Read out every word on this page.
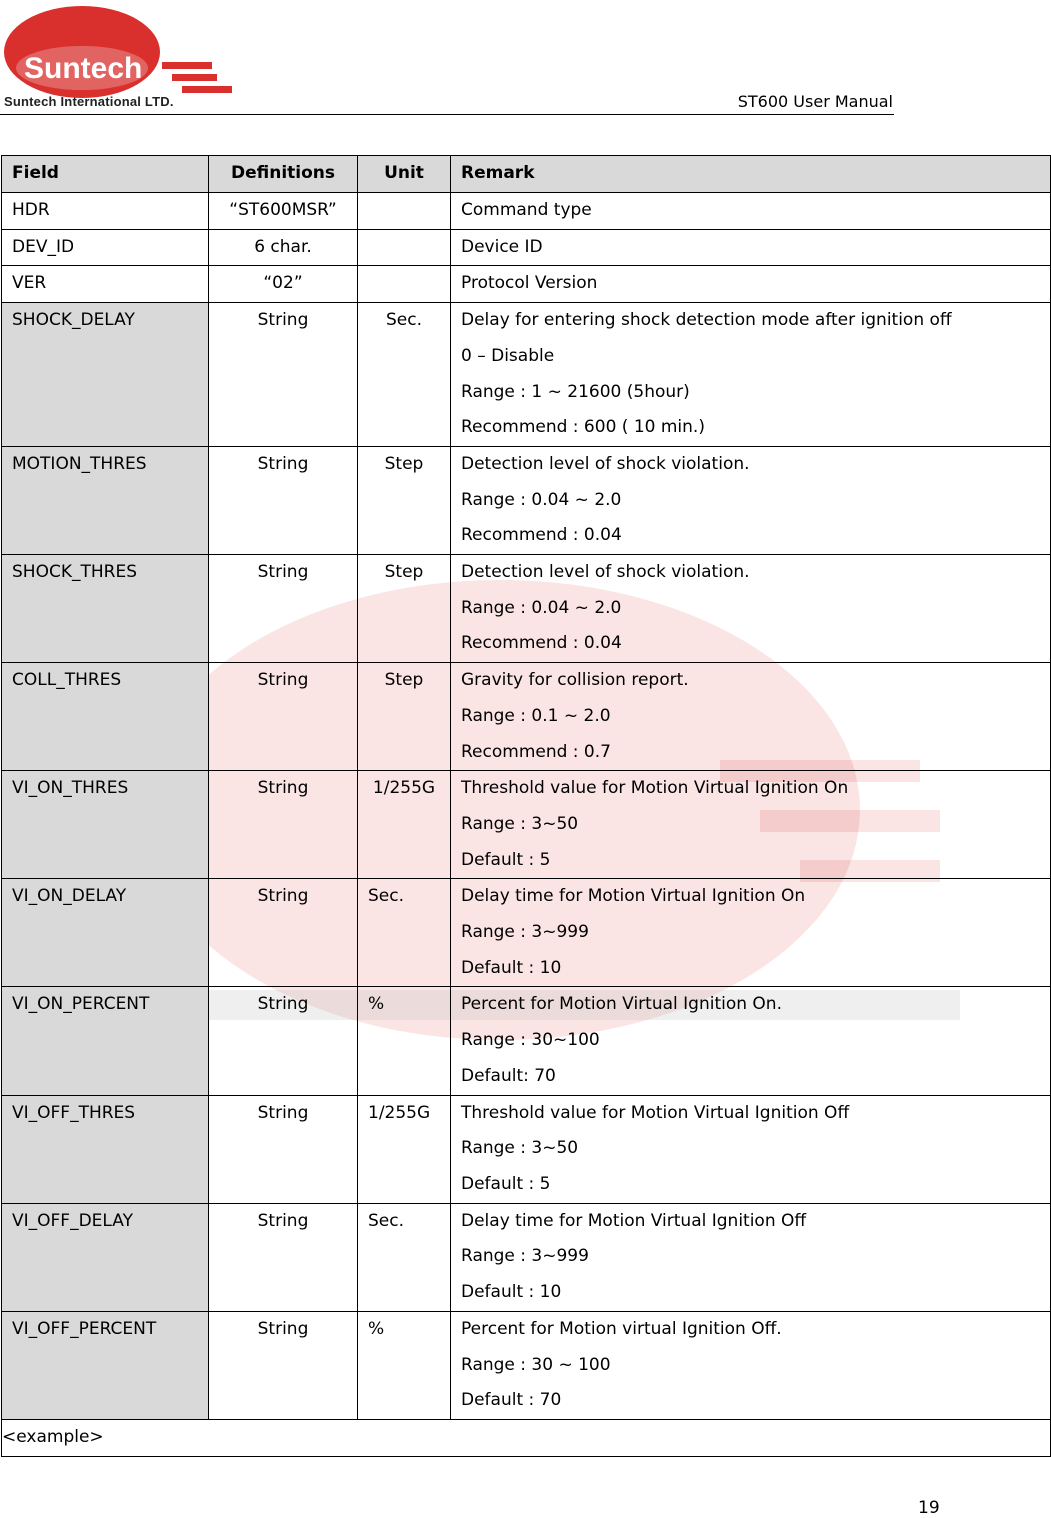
Suntech
Suntech International LTD.	ST600 User Manual
Field	Definitions	Unit	Remark
HDR	“ST600MSR”		Command type

DEV_ID	6 char.		Device ID

VER	“02”		Protocol Version

SHOCK_DELAY	String	Sec.	Delay for entering shock detection mode after ignition off
0 – Disable
Range : 1 ~ 21600 (5hour)
Recommend : 600 ( 10 min.)

MOTION_THRES	String	Step	Detection level of shock violation.
Range : 0.04 ~ 2.0
Recommend : 0.04

SHOCK_THRES	String	Step	Detection level of shock violation.
Range : 0.04 ~ 2.0
Recommend : 0.04

COLL_THRES	String	Step	Gravity for collision report.
Range : 0.1 ~ 2.0
Recommend : 0.7

VI_ON_THRES	String	1/255G	Threshold value for Motion Virtual Ignition On
Range : 3~50
Default : 5

VI_ON_DELAY	String	Sec.	Delay time for Motion Virtual Ignition On
Range : 3~999
Default : 10

VI_ON_PERCENT	String	%	Percent for Motion Virtual Ignition On.
Range : 30~100
Default: 70

VI_OFF_THRES	String	1/255G	Threshold value for Motion Virtual Ignition Off
Range : 3~50
Default : 5

VI_OFF_DELAY	String	Sec.	Delay time for Motion Virtual Ignition Off
Range : 3~999
Default : 10

VI_OFF_PERCENT	String	%	Percent for Motion virtual Ignition Off.
Range : 30 ~ 100
Default : 70

<example>			
19
